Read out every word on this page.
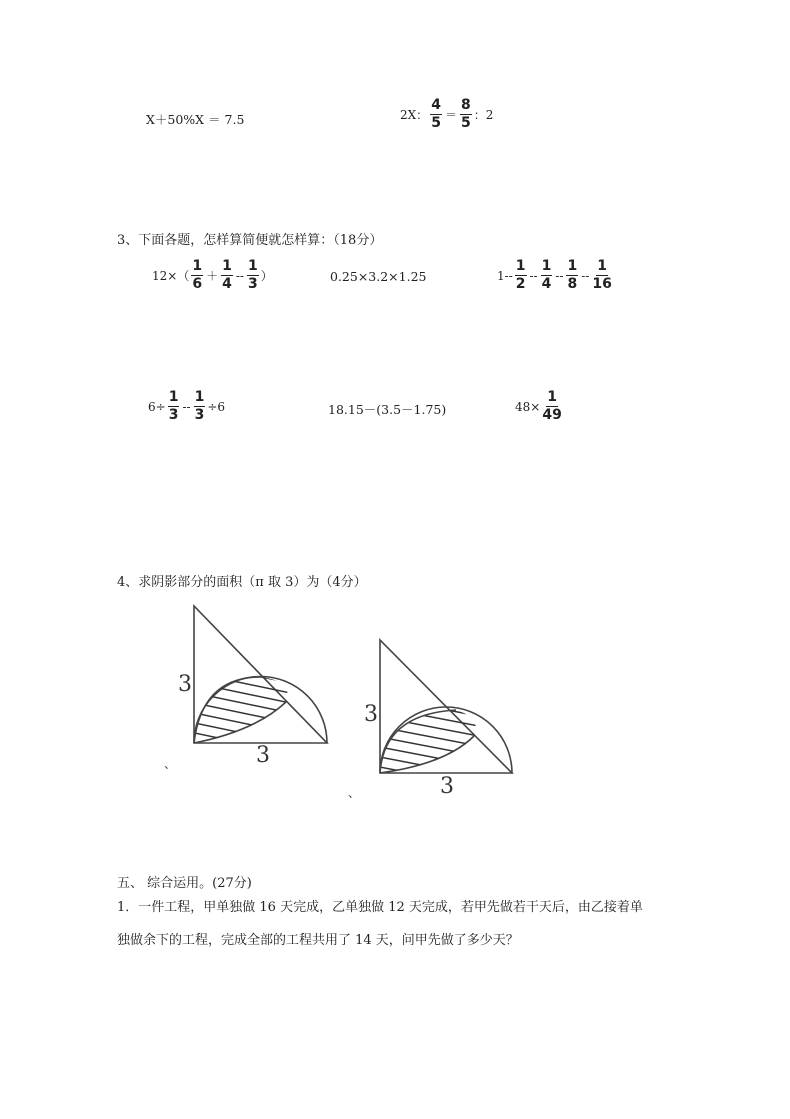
X＋50%X ＝ 7.5	2X： $\frac{4}{5} = \frac{8}{5}$ ：2
3、下面各题，怎样算简便就怎样算：（18分）
$12\times( \frac{1}{6} + \frac{1}{4} -- \frac{1}{3}$ ）	0.25×3.2×1.25	$1-- \frac{1}{2} -- \frac{1}{4} -- \frac{1}{8} -- \frac{1}{16}$
$6\div \frac{1}{3} -- \frac{1}{3} \div 6$	18.15－(3.5－1.75)	$48\times \frac{1}{49}$
4、求阴影部分的面积（π 取 3）为（4分）
3
3
、
3
3
、
五、 综合运用。(27分)
1．一件工程，甲单独做 16 天完成，乙单独做 12 天完成，若甲先做若干天后，由乙接着单
独做余下的工程，完成全部的工程共用了 14 天，问甲先做了多少天？
